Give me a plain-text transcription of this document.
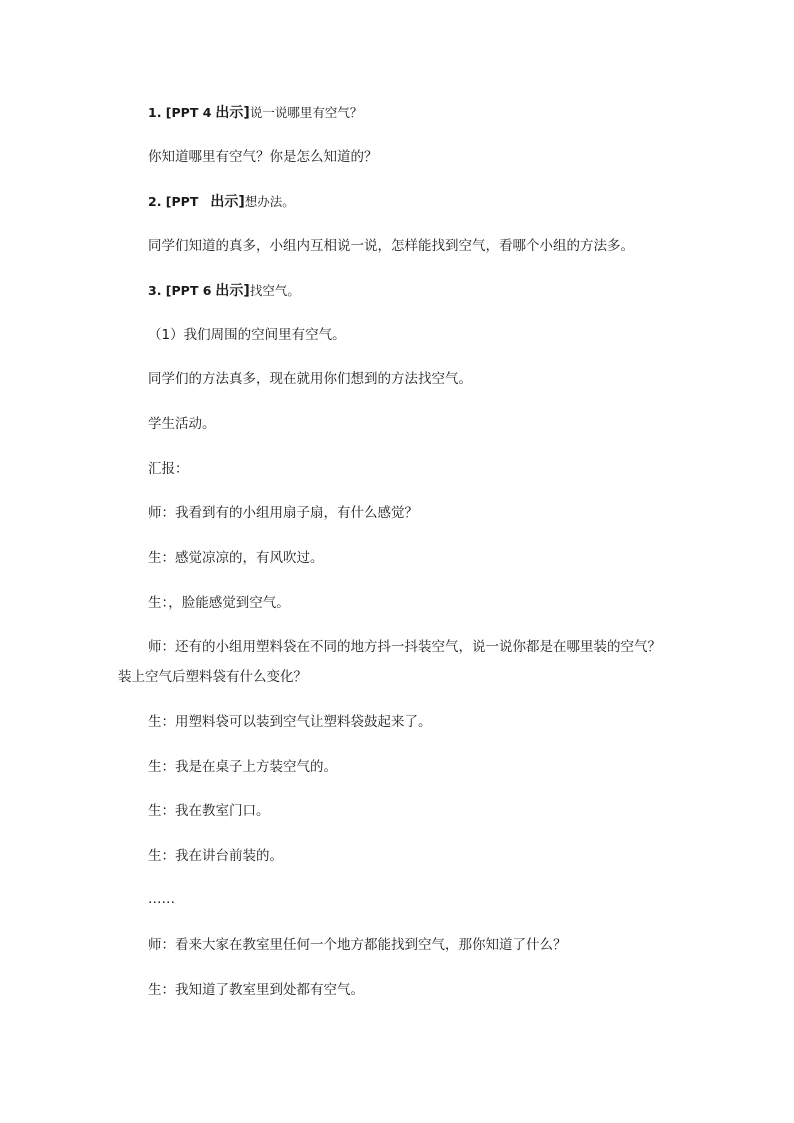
1. [PPT 4 出示]说一说哪里有空气？
你知道哪里有空气？你是怎么知道的？
2. [PPT 出示]想办法。
同学们知道的真多，小组内互相说一说，怎样能找到空气，看哪个小组的方法多。
3. [PPT 6 出示]找空气。
（1）我们周围的空间里有空气。
同学们的方法真多，现在就用你们想到的方法找空气。
学生活动。
汇报：
师：我看到有的小组用扇子扇，有什么感觉？
生：感觉凉凉的，有风吹过。
生：，脸能感觉到空气。
师：还有的小组用塑料袋在不同的地方抖一抖装空气，说一说你都是在哪里装的空气？
装上空气后塑料袋有什么变化？
生：用塑料袋可以装到空气让塑料袋鼓起来了。
生：我是在桌子上方装空气的。
生：我在教室门口。
生：我在讲台前装的。
……
师：看来大家在教室里任何一个地方都能找到空气，那你知道了什么？
生：我知道了教室里到处都有空气。
